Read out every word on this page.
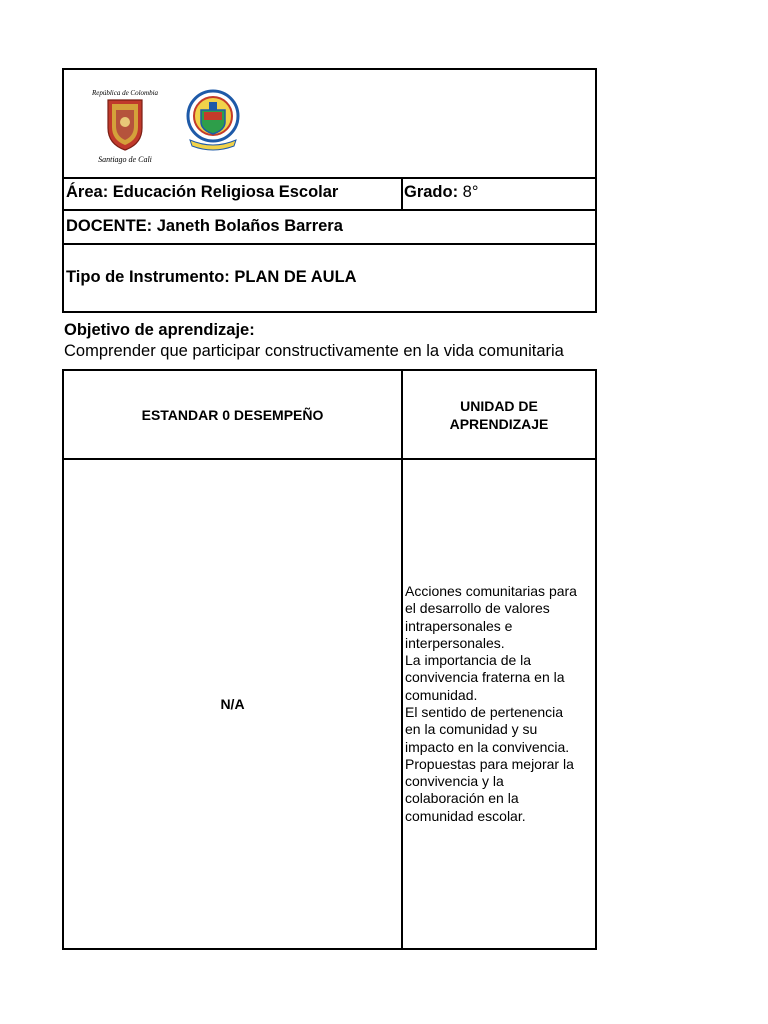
República de Colombia
Santiago de Cali
Área: Educación Religiosa Escolar	Grado: 8°
DOCENTE: Janeth Bolaños Barrera
Tipo de Instrumento: PLAN DE AULA
Objetivo de aprendizaje:
Comprender que participar constructivamente en la vida comunitaria
ESTANDAR 0 DESEMPEÑO
UNIDAD DE
APRENDIZAJE
N/A
Acciones comunitarias para
el desarrollo de valores
intrapersonales e
interpersonales.
La importancia de la
convivencia fraterna en la
comunidad.
El sentido de pertenencia
en la comunidad y su
impacto en la convivencia.
Propuestas para mejorar la
convivencia y la
colaboración en la
comunidad escolar.
